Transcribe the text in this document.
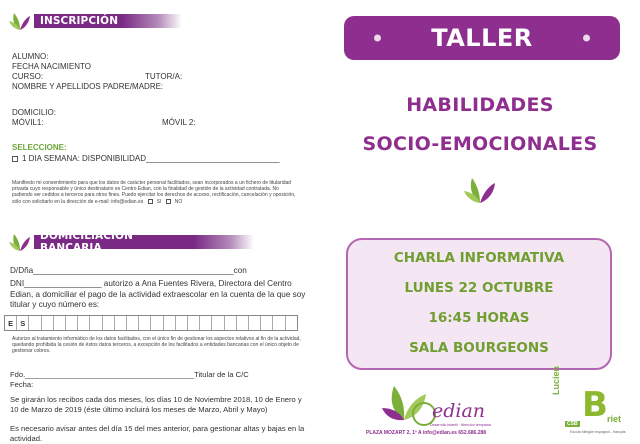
INSCRIPCIÓN
ALUMNO:
FECHA NACIMIENTO
CURSO:	TUTOR/A:
NOMBRE Y APELLIDOS PADRE/MADRE:
DOMICILIO:
MÓVIL1:	MÓVIL 2:
SELECCIONE:
1 DIA SEMANA: DISPONIBILIDAD______________________________
Manifiesto mi consentimiento para que los datos de carácter personal facilitados, sean incorporados a un fichero de titularidad privada cuyo responsable y único destinatario es Centro Edian, con la finalidad de gestión de la actividad contratada. No pudiendo ser cedidos a terceros para otros fines. Puedo ejercitar los derechos de acceso, rectificación, cancelación y oposición, sólo con solicitarlo en la dirección de e-mail: info@edian.es	SI	NO
DOMICILIACIÓN BANCARIA
D/Dña____________________________________________con
DNI_________________ autorizo a Ana Fuentes Rivera, Directora del Centro Edian, a domiciliar el pago de la actividad extraescolar en la cuenta de la que soy titular y cuyo número es:
E S
Autorizo al tratamiento informático de los datos facilitados, con el único fin de gestionar los aspectos relativos al fin de la actividad, quedando prohibida la cesión de éstos datos terceros, a excepción de los facilitados a entidades bancarias con el único objeto de gestionar cobros.
Fdo.________________________________________Titular de la C/C
Fecha:
Se girarán los recibos cada dos meses, los días 10 de Noviembre 2018, 10 de Enero y 10 de Marzo de 2019 (éste último incluirá los meses de Marzo, Abril y Mayo)
Es necesario avisar antes del día 15 del mes anterior, para gestionar altas y bajas en la actividad.
TALLER
HABILIDADES
SOCIO-EMOCIONALES
CHARLA INFORMATIVA
LUNES 22 OCTUBRE
16:45 HORAS
SALA BOURGEONS
edian
Desarrollo infantil · Atención temprana
PLAZA MOZART 2, 1º A info@edian.es 652.686.288
Lucien
B riet
CSB
Escola bilingüe espagnol - français
